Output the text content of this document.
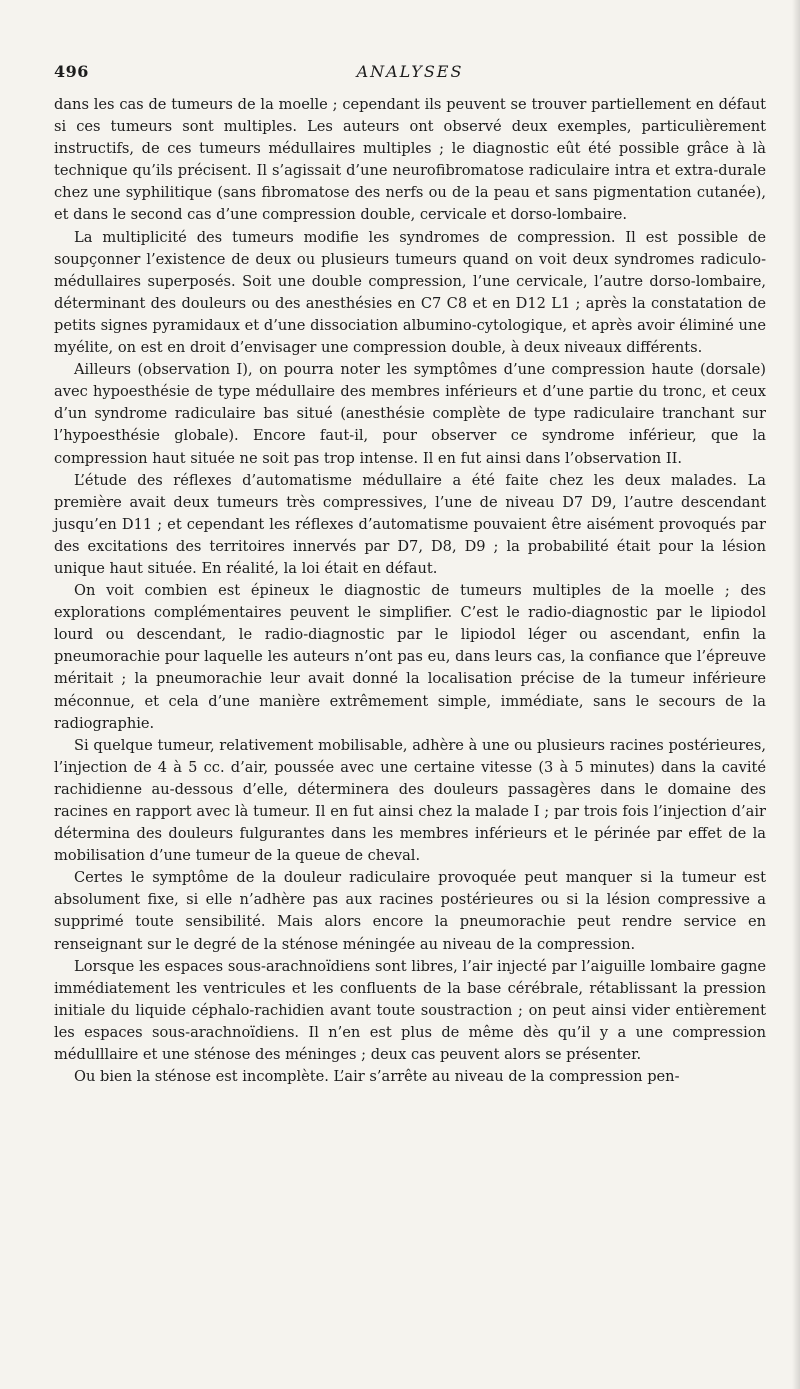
496	ANALYSES

dans les cas de tumeurs de la moelle ; cependant ils peuvent se trouver partiellement en défaut si ces tumeurs sont multiples. Les auteurs ont observé deux exemples, particulièrement instructifs, de ces tumeurs médullaires multiples ; le diagnostic eût été possible grâce à là technique qu’ils précisent. Il s’agissait d’une neurofibromatose radiculaire intra et extra-durale chez une syphilitique (sans fibromatose des nerfs ou de la peau et sans pigmentation cutanée), et dans le second cas d’une compression double, cervicale et dorso-lombaire.

La multiplicité des tumeurs modifie les syndromes de compression. Il est possible de soupçonner l’existence de deux ou plusieurs tumeurs quand on voit deux syndromes radiculo-médullaires superposés. Soit une double compression, l’une cervicale, l’autre dorso-lombaire, déterminant des douleurs ou des anesthésies en C7 C8 et en D12 L1 ; après la constatation de petits signes pyramidaux et d’une dissociation albumino-cytologique, et après avoir éliminé une myélite, on est en droit d’envisager une compression double, à deux niveaux différents.

Ailleurs (observation I), on pourra noter les symptômes d’une compression haute (dorsale) avec hypoesthésie de type médullaire des membres inférieurs et d’une partie du tronc, et ceux d’un syndrome radiculaire bas situé (anesthésie complète de type radiculaire tranchant sur l’hypoesthésie globale). Encore faut-il, pour observer ce syndrome inférieur, que la compression haut située ne soit pas trop intense. Il en fut ainsi dans l’observation II.

L’étude des réflexes d’automatisme médullaire a été faite chez les deux malades. La première avait deux tumeurs très compressives, l’une de niveau D7 D9, l’autre descendant jusqu’en D11 ; et cependant les réflexes d’automatisme pouvaient être aisément provoqués par des excitations des territoires innervés par D7, D8, D9 ; la probabilité était pour la lésion unique haut située. En réalité, la loi était en défaut.

On voit combien est épineux le diagnostic de tumeurs multiples de la moelle ; des explorations complémentaires peuvent le simplifier. C’est le radio-diagnostic par le lipiodol lourd ou descendant, le radio-diagnostic par le lipiodol léger ou ascendant, enfin la pneumorachie pour laquelle les auteurs n’ont pas eu, dans leurs cas, la confiance que l’épreuve méritait ; la pneumorachie leur avait donné la localisation précise de la tumeur inférieure méconnue, et cela d’une manière extrêmement simple, immédiate, sans le secours de la radiographie.

Si quelque tumeur, relativement mobilisable, adhère à une ou plusieurs racines postérieures, l’injection de 4 à 5 cc. d’air, poussée avec une certaine vitesse (3 à 5 minutes) dans la cavité rachidienne au-dessous d’elle, déterminera des douleurs passagères dans le domaine des racines en rapport avec là tumeur. Il en fut ainsi chez la malade I ; par trois fois l’injection d’air détermina des douleurs fulgurantes dans les membres inférieurs et le périnée par effet de la mobilisation d’une tumeur de la queue de cheval.

Certes le symptôme de la douleur radiculaire provoquée peut manquer si la tumeur est absolument fixe, si elle n’adhère pas aux racines postérieures ou si la lésion compressive a supprimé toute sensibilité. Mais alors encore la pneumorachie peut rendre service en renseignant sur le degré de la sténose méningée au niveau de la compression.

Lorsque les espaces sous-arachnoïdiens sont libres, l’air injecté par l’aiguille lombaire gagne immédiatement les ventricules et les confluents de la base cérébrale, rétablissant la pression initiale du liquide céphalo-rachidien avant toute soustraction ; on peut ainsi vider entièrement les espaces sous-arachnoïdiens. Il n’en est plus de même dès qu’il y a une compression médulllaire et une sténose des méninges ; deux cas peuvent alors se présenter.

Ou bien la sténose est incomplète. L’air s’arrête au niveau de la compression pen-
